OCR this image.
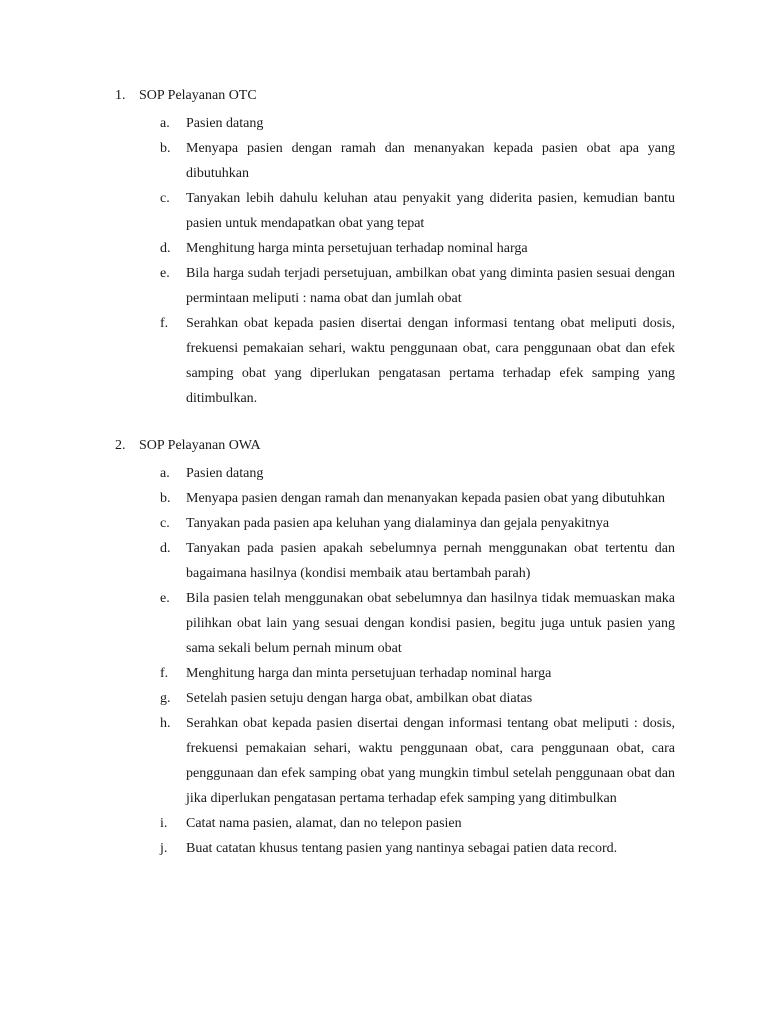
1. SOP Pelayanan OTC
a. Pasien datang
b. Menyapa pasien dengan ramah dan menanyakan kepada pasien obat apa yang dibutuhkan
c. Tanyakan lebih dahulu keluhan atau penyakit yang diderita pasien, kemudian bantu pasien untuk mendapatkan obat yang tepat
d. Menghitung harga minta persetujuan terhadap nominal harga
e. Bila harga sudah terjadi persetujuan, ambilkan obat yang diminta pasien sesuai dengan permintaan meliputi : nama obat dan jumlah obat
f. Serahkan obat kepada pasien disertai dengan informasi tentang obat meliputi dosis, frekuensi pemakaian sehari, waktu penggunaan obat, cara penggunaan obat dan efek samping obat yang diperlukan pengatasan pertama terhadap efek samping yang ditimbulkan.
2. SOP Pelayanan OWA
a. Pasien datang
b. Menyapa pasien dengan ramah dan menanyakan kepada pasien obat yang dibutuhkan
c. Tanyakan pada pasien apa keluhan yang dialaminya dan gejala penyakitnya
d. Tanyakan pada pasien apakah sebelumnya pernah menggunakan obat tertentu dan bagaimana hasilnya (kondisi membaik atau bertambah parah)
e. Bila pasien telah menggunakan obat sebelumnya dan hasilnya tidak memuaskan maka pilihkan obat lain yang sesuai dengan kondisi pasien, begitu juga untuk pasien yang sama sekali belum pernah minum obat
f. Menghitung harga dan minta persetujuan terhadap nominal harga
g. Setelah pasien setuju dengan harga obat, ambilkan obat diatas
h. Serahkan obat kepada pasien disertai dengan informasi tentang obat meliputi : dosis, frekuensi pemakaian sehari, waktu penggunaan obat, cara penggunaan obat, cara penggunaan dan efek samping obat yang mungkin timbul setelah penggunaan obat dan jika diperlukan pengatasan pertama terhadap efek samping yang ditimbulkan
i. Catat nama pasien, alamat, dan no telepon pasien
j. Buat catatan khusus tentang pasien yang nantinya sebagai patien data record.
